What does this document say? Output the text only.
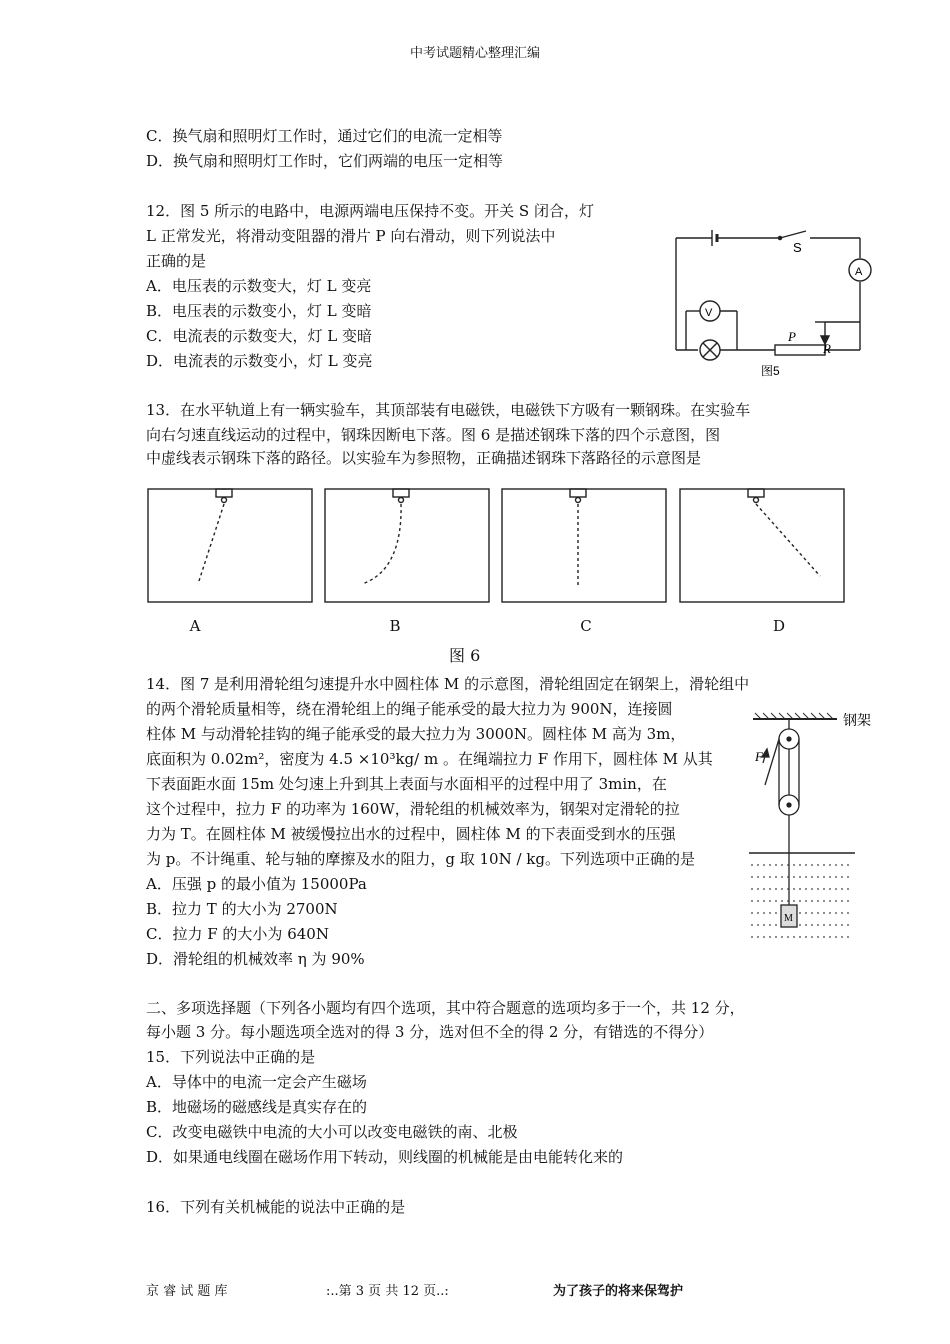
中考试题精心整理汇编
C．换气扇和照明灯工作时，通过它们的电流一定相等
D．换气扇和照明灯工作时，它们两端的电压一定相等
12．图 5 所示的电路中，电源两端电压保持不变。开关 S 闭合，灯
L 正常发光，将滑动变阻器的滑片 P 向右滑动，则下列说法中
正确的是
A．电压表的示数变大，灯 L 变亮
B．电压表的示数变小，灯 L 变暗
C．电流表的示数变大，灯 L 变暗
D．电流表的示数变小，灯 L 变亮
S
A
V
P
R
图5
13．在水平轨道上有一辆实验车，其顶部装有电磁铁，电磁铁下方吸有一颗钢珠。在实验车
向右匀速直线运动的过程中，钢珠因断电下落。图 6 是描述钢珠下落的四个示意图，图
中虚线表示钢珠下落的路径。以实验车为参照物，正确描述钢珠下落路径的示意图是
A	B	C	D
图 6
14．图 7 是利用滑轮组匀速提升水中圆柱体 M 的示意图，滑轮组固定在钢架上，滑轮组中
的两个滑轮质量相等，绕在滑轮组上的绳子能承受的最大拉力为 900N，连接圆
柱体 M 与动滑轮挂钩的绳子能承受的最大拉力为 3000N。圆柱体 M 高为 3m，
底面积为 0.02m²，密度为 4.5 ×10³kg/ m 。在绳端拉力 F 作用下，圆柱体 M 从其
下表面距水面 15m 处匀速上升到其上表面与水面相平的过程中用了 3min，在
这个过程中，拉力 F 的功率为 160W，滑轮组的机械效率为，钢架对定滑轮的拉
力为 T。在圆柱体 M 被缓慢拉出水的过程中，圆柱体 M 的下表面受到水的压强
为 p。不计绳重、轮与轴的摩擦及水的阻力，g 取 10N / kg。下列选项中正确的是
A．压强 p 的最小值为 15000Pa
B．拉力 T 的大小为 2700N
C．拉力 F 的大小为 640N
D．滑轮组的机械效率 η 为 90%
钢架
F
M
二、多项选择题（下列各小题均有四个选项，其中符合题意的选项均多于一个，共 12 分，
每小题 3 分。每小题选项全选对的得 3 分，选对但不全的得 2 分，有错选的不得分）
15．下列说法中正确的是
A．导体中的电流一定会产生磁场
B．地磁场的磁感线是真实存在的
C．改变电磁铁中电流的大小可以改变电磁铁的南、北极
D．如果通电线圈在磁场作用下转动，则线圈的机械能是由电能转化来的
16．下列有关机械能的说法中正确的是
京 睿 试 题 库	:..第 3 页 共 12 页..:	为了孩子的将来保驾护
